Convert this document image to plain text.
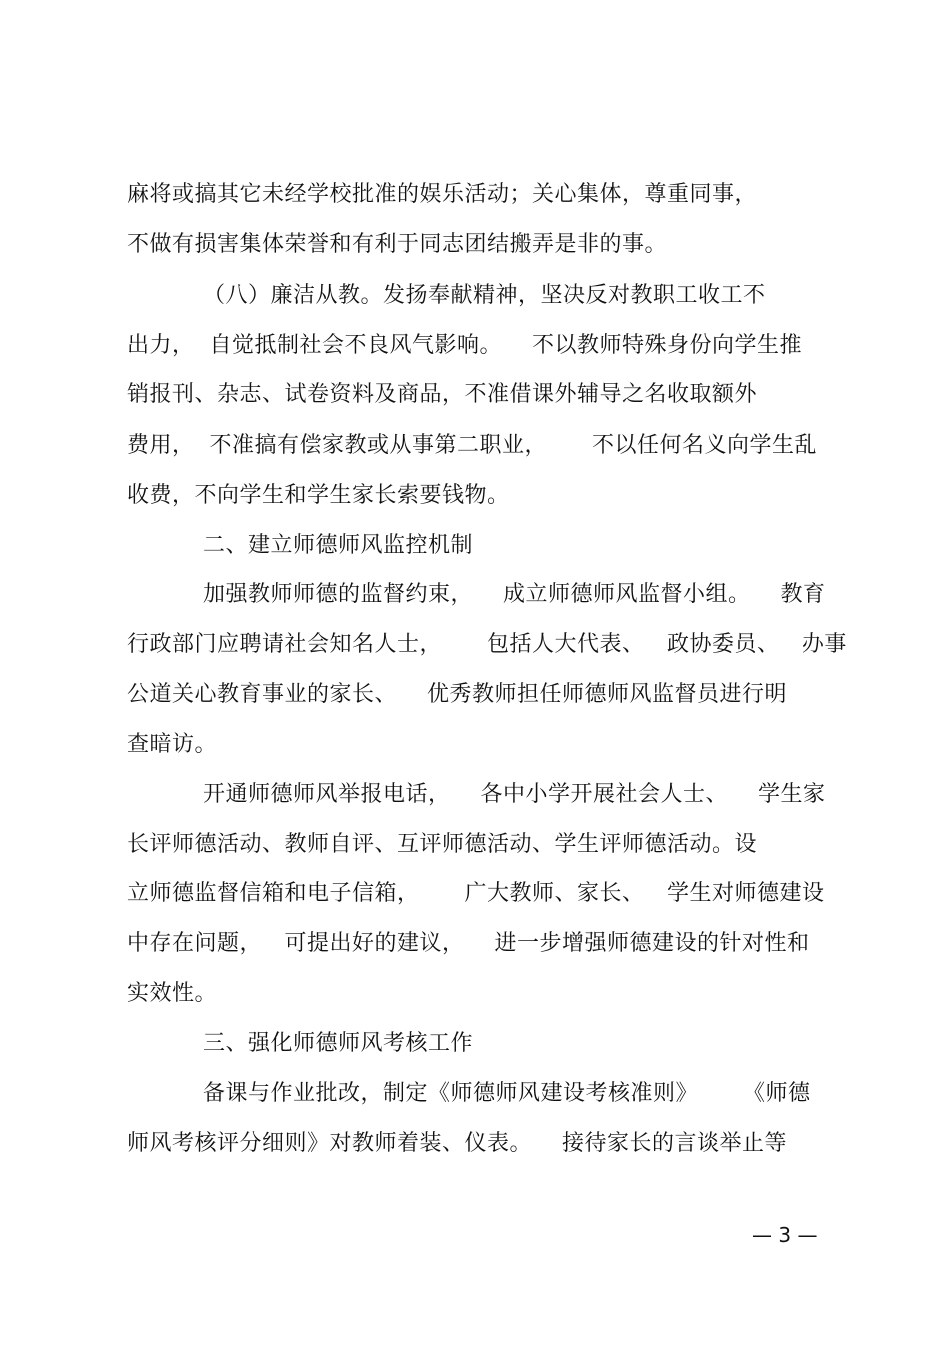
麻将或搞其它未经学校批准的娱乐活动；关心集体，尊重同事，
不做有损害集体荣誉和有利于同志团结搬弄是非的事。
（八）廉洁从教。发扬奉献精神，坚决反对教职工收工不
出力，  自觉抵制社会不良风气影响。    不以教师特殊身份向学生推
销报刊、杂志、试卷资料及商品，不准借课外辅导之名收取额外
费用，  不准搞有偿家教或从事第二职业，      不以任何名义向学生乱
收费，不向学生和学生家长索要钱物。
二、建立师德师风监控机制
加强教师师德的监督约束，    成立师德师风监督小组。    教育
行政部门应聘请社会知名人士，      包括人大代表、   政协委员、   办事
公道关心教育事业的家长、    优秀教师担任师德师风监督员进行明
查暗访。
开通师德师风举报电话，    各中小学开展社会人士、    学生家
长评师德活动、教师自评、互评师德活动、学生评师德活动。设
立师德监督信箱和电子信箱，      广大教师、家长、   学生对师德建设
中存在问题，   可提出好的建议，    进一步增强师德建设的针对性和
实效性。
三、强化师德师风考核工作
备课与作业批改，制定《师德师风建设考核准则》      《师德
师风考核评分细则》对教师着装、仪表。    接待家长的言谈举止等
— 3 —
